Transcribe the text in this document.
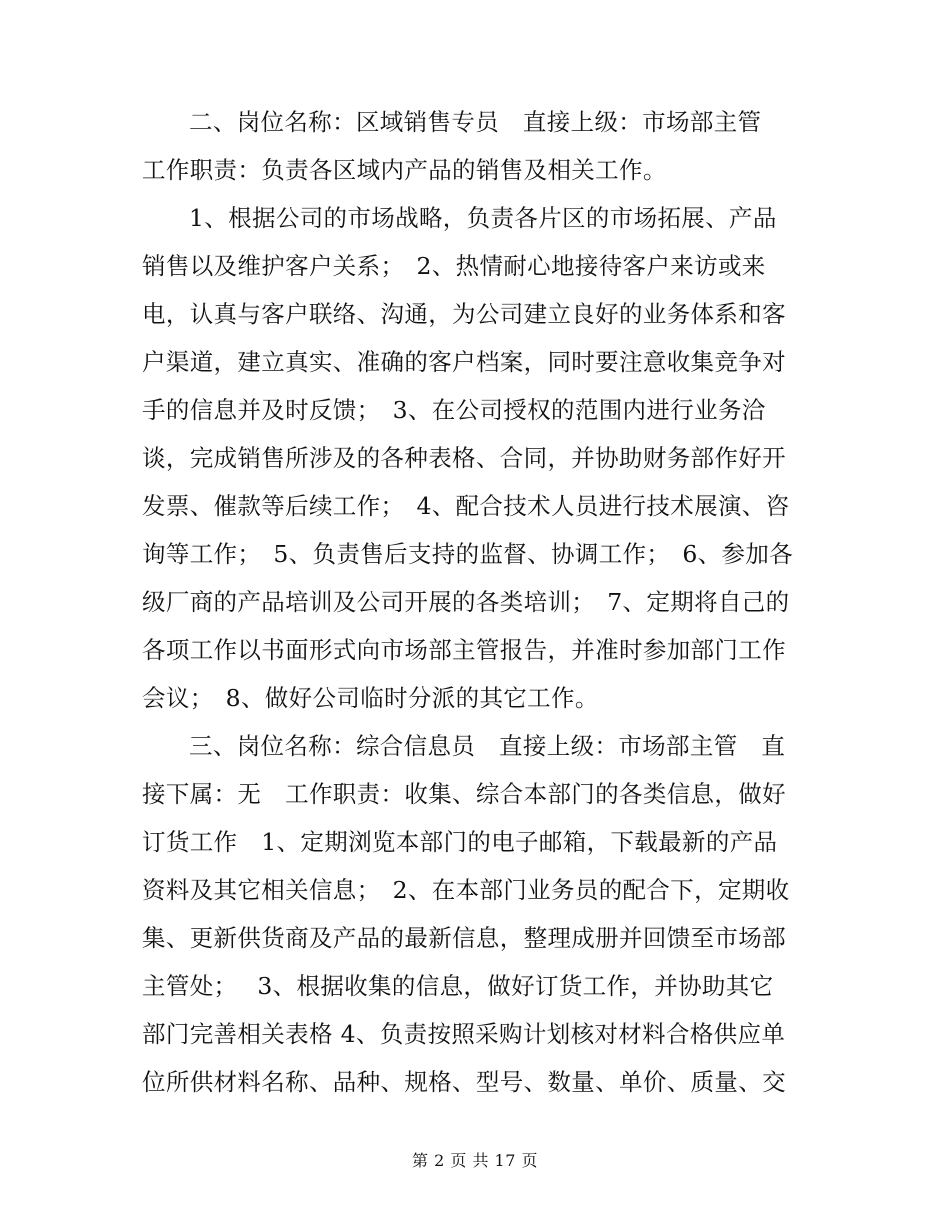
二、岗位名称：区域销售专员　直接上级：市场部主管
工作职责：负责各区域内产品的销售及相关工作。
1、根据公司的市场战略，负责各片区的市场拓展、产品
销售以及维护客户关系；　2、热情耐心地接待客户来访或来
电，认真与客户联络、沟通，为公司建立良好的业务体系和客
户渠道，建立真实、准确的客户档案，同时要注意收集竞争对
手的信息并及时反馈；　3、在公司授权的范围内进行业务洽
谈，完成销售所涉及的各种表格、合同，并协助财务部作好开
发票、催款等后续工作；　4、配合技术人员进行技术展演、咨
询等工作；　5、负责售后支持的监督、协调工作；　6、参加各
级厂商的产品培训及公司开展的各类培训；　7、定期将自己的
各项工作以书面形式向市场部主管报告，并准时参加部门工作
会议；　8、做好公司临时分派的其它工作。
三、岗位名称：综合信息员　直接上级：市场部主管　直
接下属：无　工作职责：收集、综合本部门的各类信息，做好
订货工作　1、定期浏览本部门的电子邮箱，下载最新的产品
资料及其它相关信息；　2、在本部门业务员的配合下，定期收
集、更新供货商及产品的最新信息，整理成册并回馈至市场部
主管处；　 3、根据收集的信息，做好订货工作，并协助其它
部门完善相关表格 4、负责按照采购计划核对材料合格供应单
位所供材料名称、品种、规格、型号、数量、单价、质量、交
第 2 页 共 17 页
